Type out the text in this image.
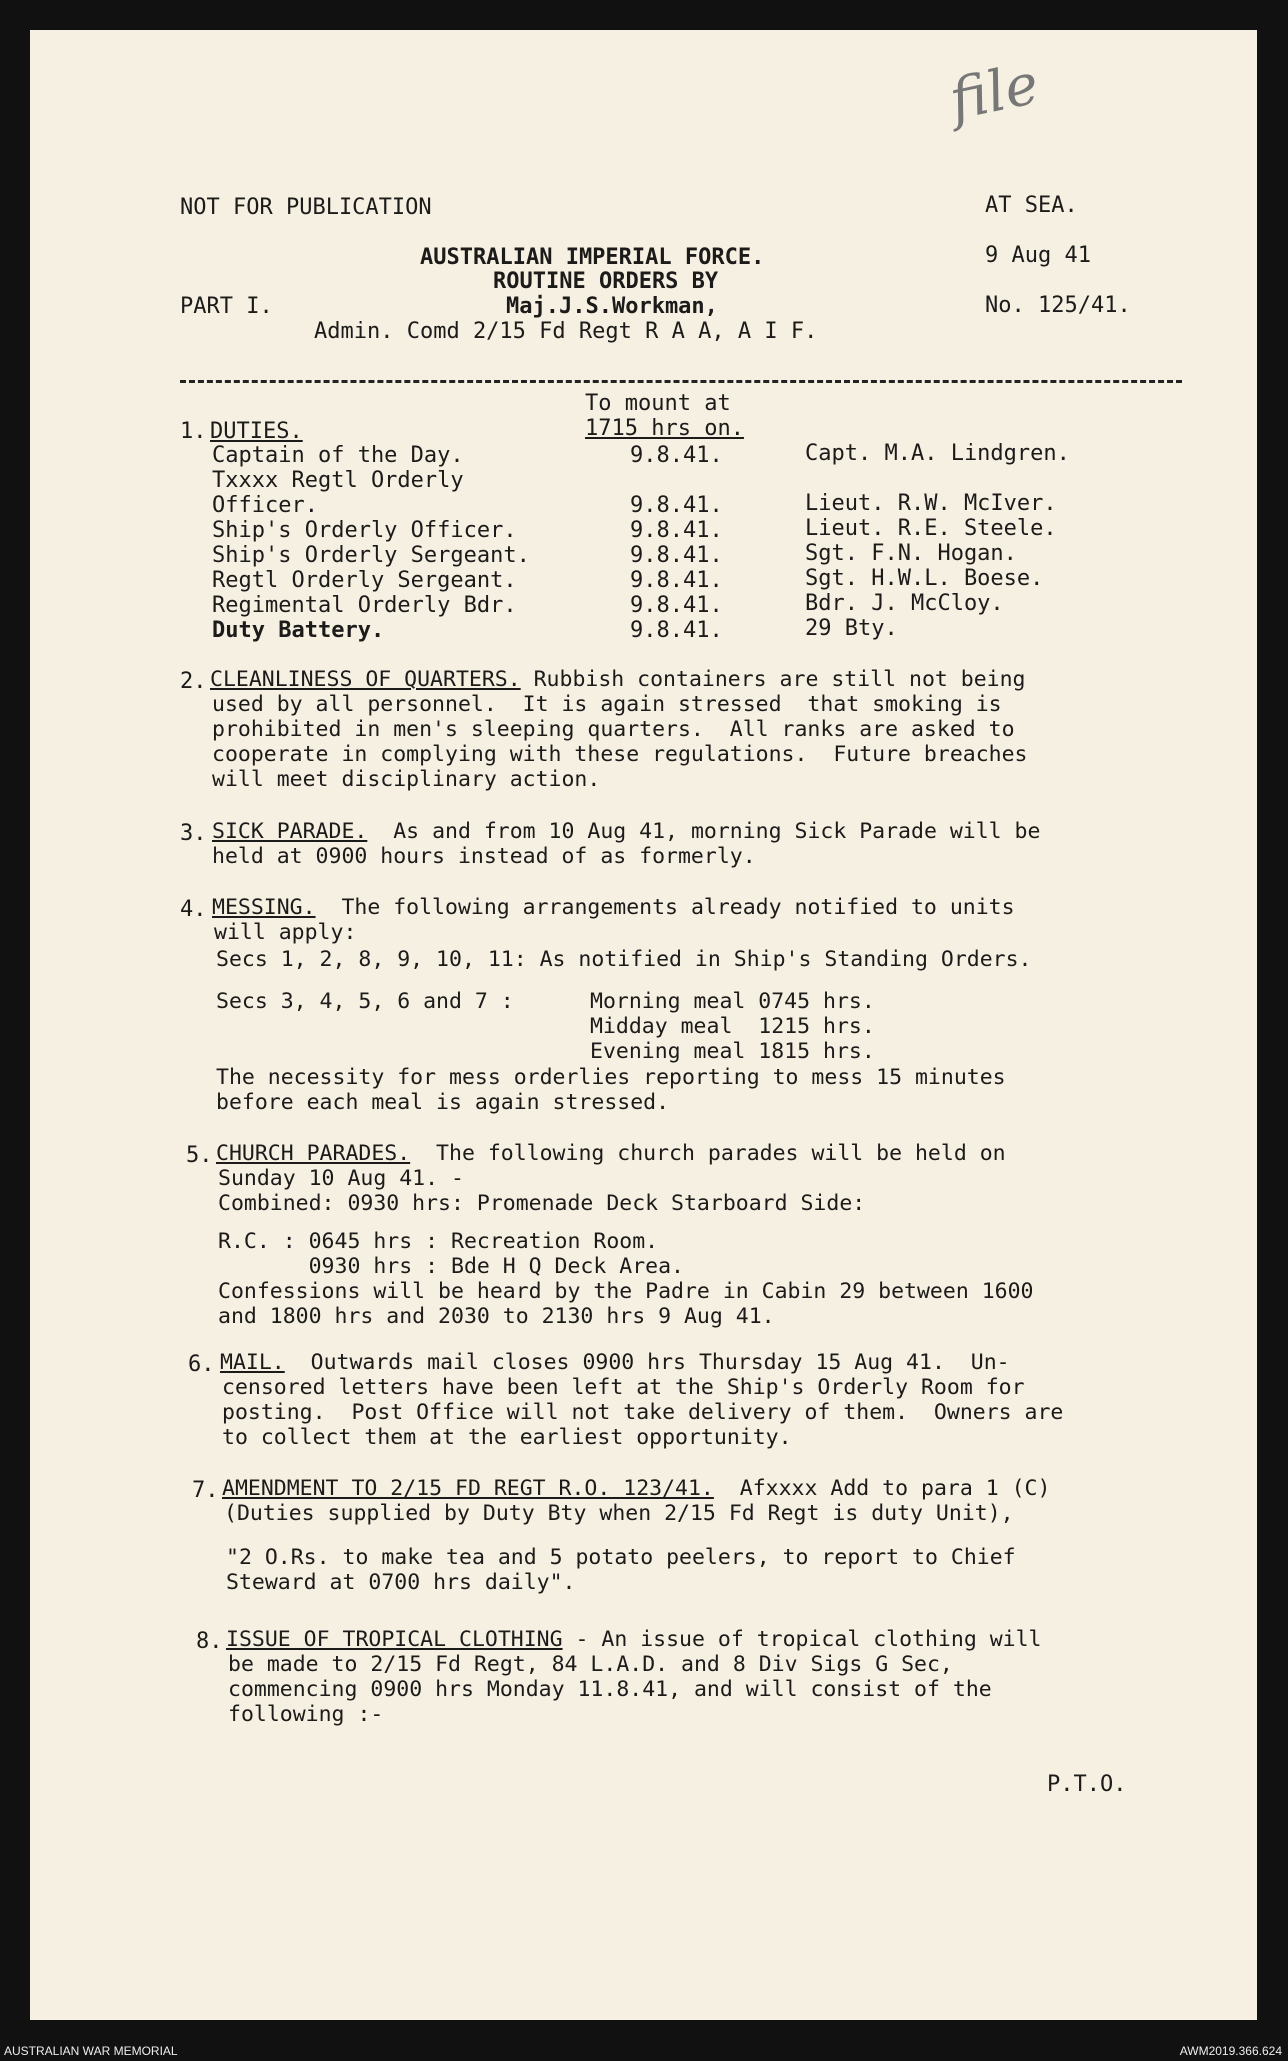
file
NOT FOR PUBLICATION	AT SEA.
AUSTRALIAN IMPERIAL FORCE.
ROUTINE ORDERS BY
Maj.J.S.Workman,
Admin. Comd 2/15 Fd Regt R A A, A I F.
PART I.
9 Aug 41
No. 125/41.
To mount at
1715 hrs on.
1. DUTIES.
Captain of the Day.	9.8.41.	Capt. M.A. Lindgren.
Txxxx Regtl Orderly
Officer.	9.8.41.	Lieut. R.W. McIver.
Ship's Orderly Officer.	9.8.41.	Lieut. R.E. Steele.
Ship's Orderly Sergeant.	9.8.41.	Sgt. F.N. Hogan.
Regtl Orderly Sergeant.	9.8.41.	Sgt. H.W.L. Boese.
Regimental Orderly Bdr.	9.8.41.	Bdr. J. McCloy.
Duty Battery.	9.8.41.	29 Bty.
2. CLEANLINESS OF QUARTERS. Rubbish containers are still not being
used by all personnel.  It is again stressed  that smoking is
prohibited in men's sleeping quarters.  All ranks are asked to
cooperate in complying with these regulations.  Future breaches
will meet disciplinary action.
3. SICK PARADE.  As and from 10 Aug 41, morning Sick Parade will be
held at 0900 hours instead of as formerly.
4. MESSING.  The following arrangements already notified to units
will apply:
Secs 1, 2, 8, 9, 10, 11: As notified in Ship's Standing Orders.
Secs 3, 4, 5, 6 and 7 :	Morning meal 0745 hrs.
Midday meal  1215 hrs.
Evening meal 1815 hrs.
The necessity for mess orderlies reporting to mess 15 minutes
before each meal is again stressed.
5. CHURCH PARADES.  The following church parades will be held on
Sunday 10 Aug 41. -
Combined: 0930 hrs: Promenade Deck Starboard Side:
R.C. : 0645 hrs : Recreation Room.
0930 hrs : Bde H Q Deck Area.
Confessions will be heard by the Padre in Cabin 29 between 1600
and 1800 hrs and 2030 to 2130 hrs 9 Aug 41.
6. MAIL.  Outwards mail closes 0900 hrs Thursday 15 Aug 41.  Un-
censored letters have been left at the Ship's Orderly Room for
posting.  Post Office will not take delivery of them.  Owners are
to collect them at the earliest opportunity.
7. AMENDMENT TO 2/15 FD REGT R.O. 123/41.  Afxxxx Add to para 1 (C)
(Duties supplied by Duty Bty when 2/15 Fd Regt is duty Unit),
"2 O.Rs. to make tea and 5 potato peelers, to report to Chief
Steward at 0700 hrs daily".
8. ISSUE OF TROPICAL CLOTHING - An issue of tropical clothing will
be made to 2/15 Fd Regt, 84 L.A.D. and 8 Div Sigs G Sec,
commencing 0900 hrs Monday 11.8.41, and will consist of the
following :-
P.T.O.
AUSTRALIAN WAR MEMORIAL	AWM2019.366.624
